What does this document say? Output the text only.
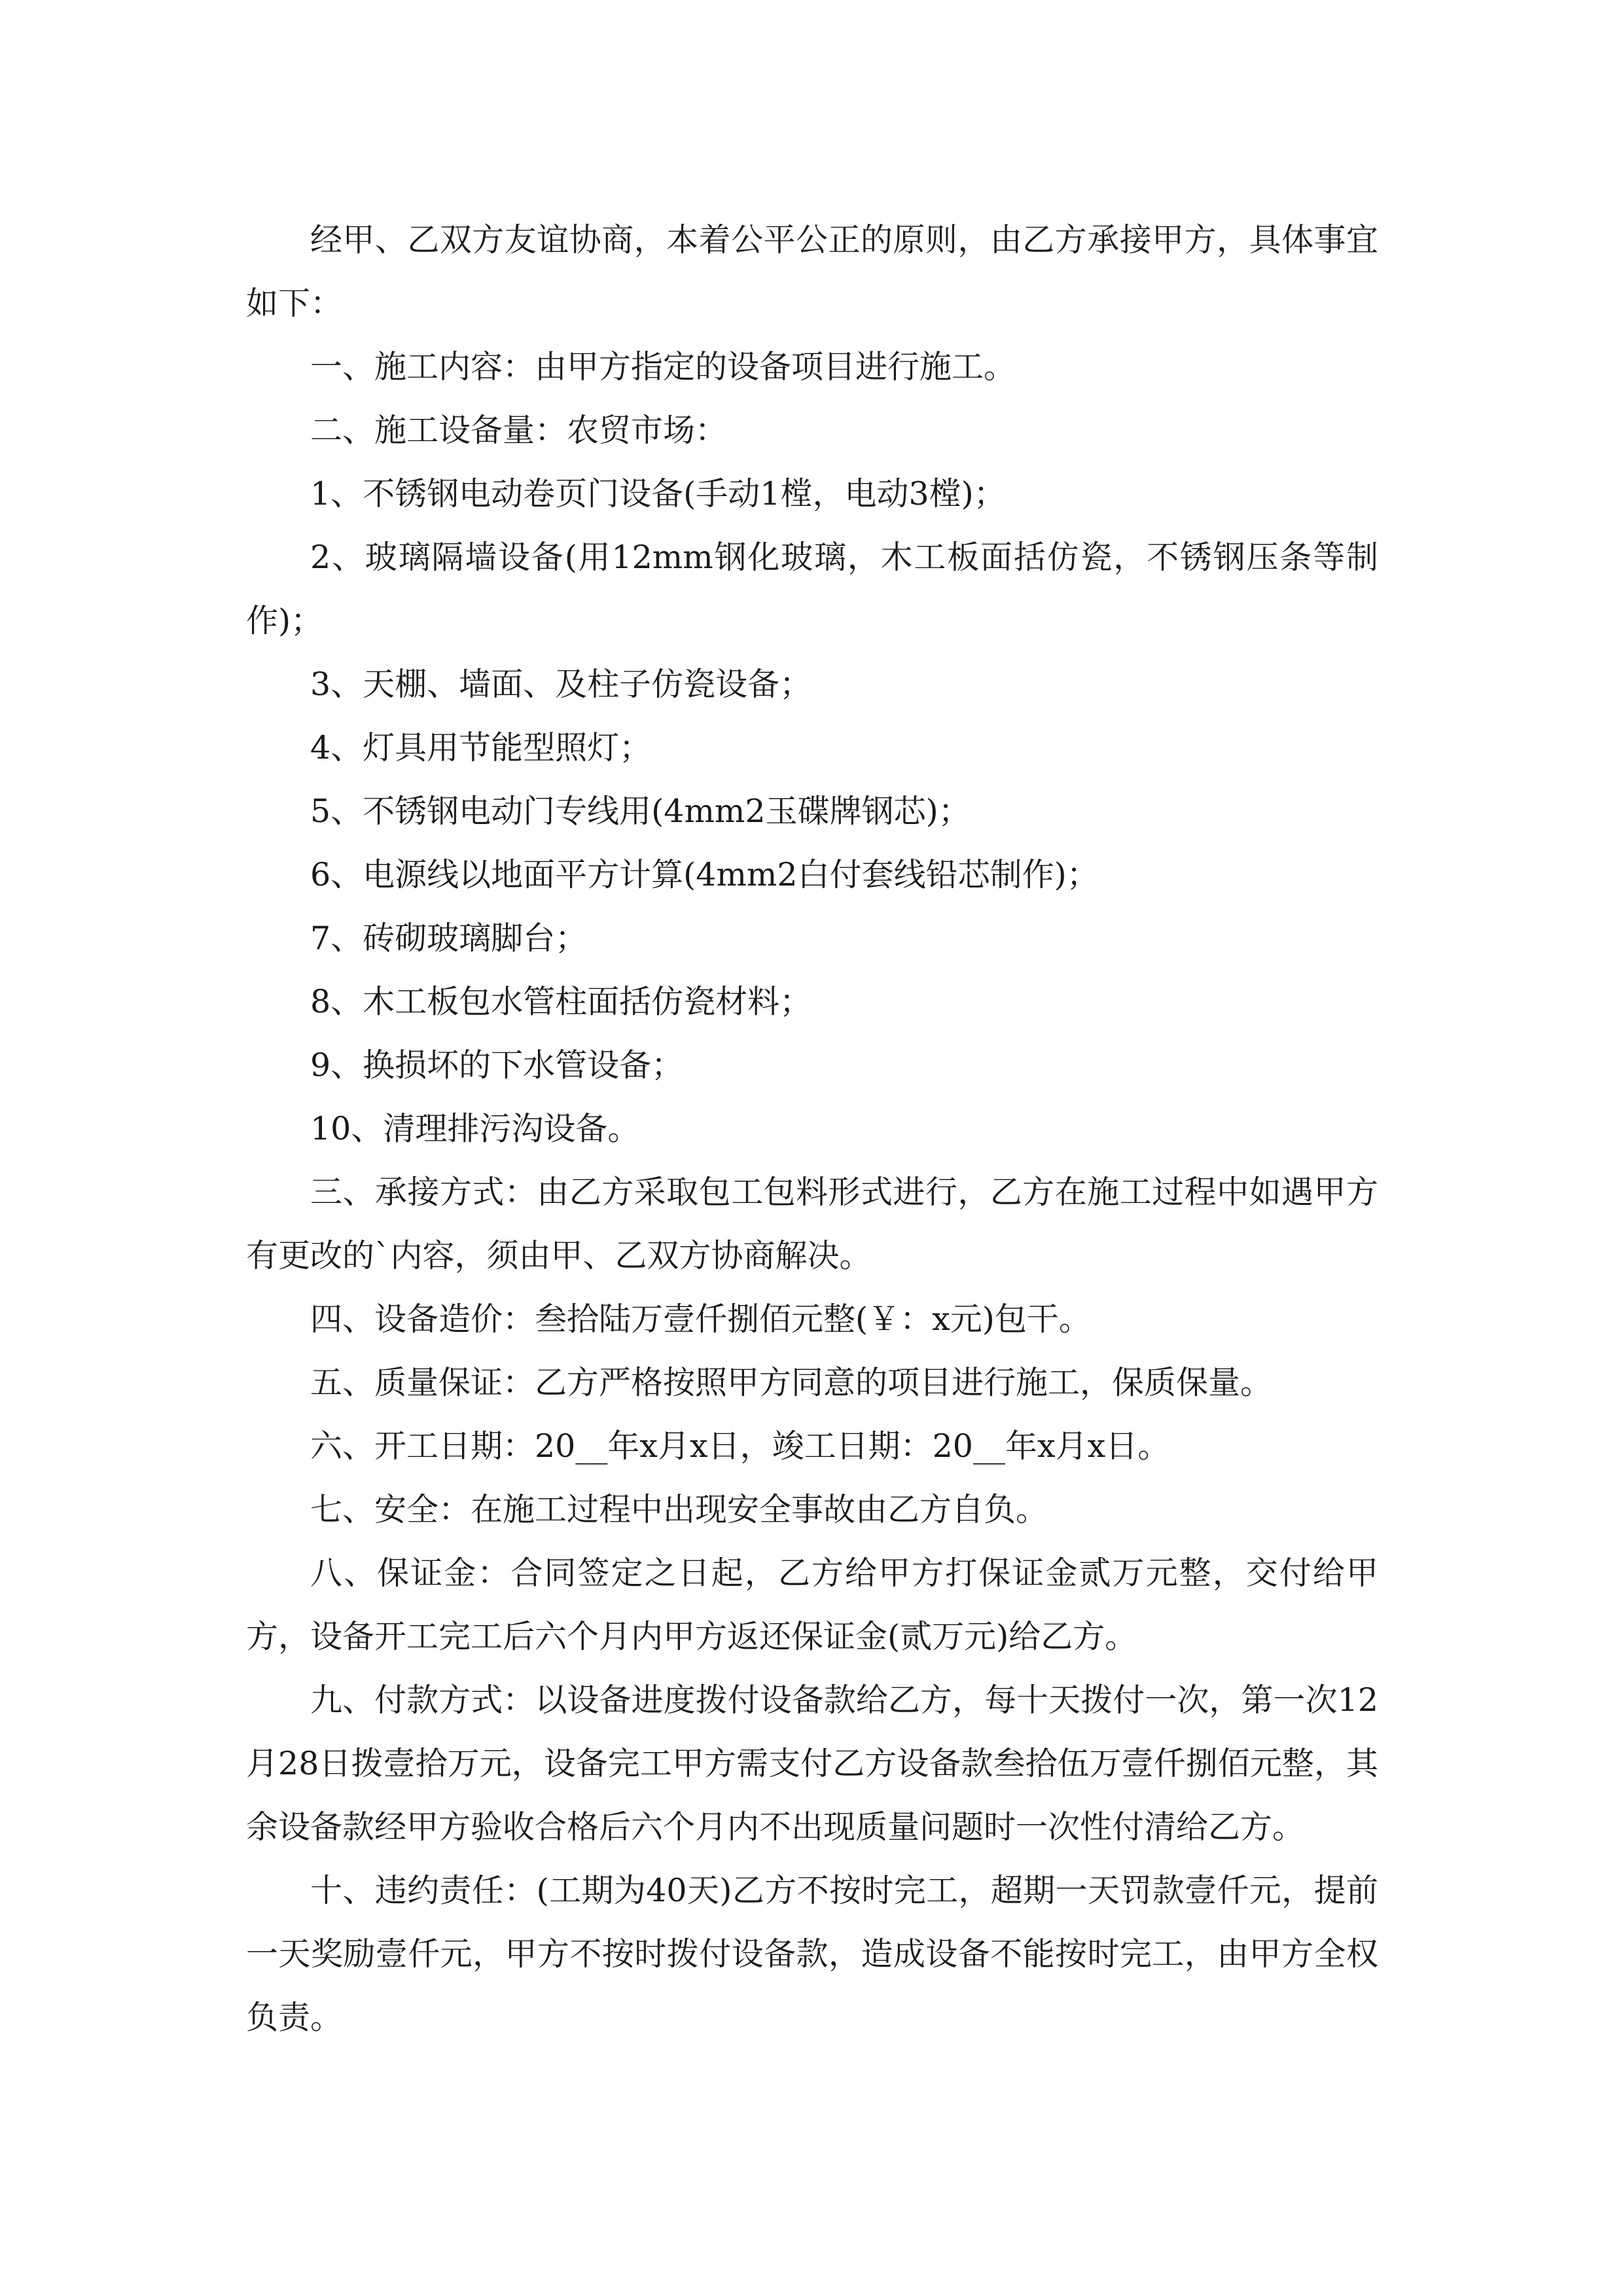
经甲、乙双方友谊协商，本着公平公正的原则，由乙方承接甲方，具体事宜如下：

一、施工内容：由甲方指定的设备项目进行施工。

二、施工设备量：农贸市场：

1、不锈钢电动卷页门设备(手动1樘，电动3樘)；

2、玻璃隔墙设备(用12mm钢化玻璃，木工板面括仿瓷，不锈钢压条等制作)；

3、天棚、墙面、及柱子仿瓷设备；

4、灯具用节能型照灯；

5、不锈钢电动门专线用(4mm2玉碟牌钢芯)；

6、电源线以地面平方计算(4mm2白付套线铅芯制作)；

7、砖砌玻璃脚台；

8、木工板包水管柱面括仿瓷材料；

9、换损坏的下水管设备；

10、清理排污沟设备。

三、承接方式：由乙方采取包工包料形式进行，乙方在施工过程中如遇甲方有更改的`内容，须由甲、乙双方协商解决。

四、设备造价：叁拾陆万壹仟捌佰元整(￥：x元)包干。

五、质量保证：乙方严格按照甲方同意的项目进行施工，保质保量。

六、开工日期：20__年x月x日，竣工日期：20__年x月x日。

七、安全：在施工过程中出现安全事故由乙方自负。

八、保证金：合同签定之日起，乙方给甲方打保证金贰万元整，交付给甲方，设备开工完工后六个月内甲方返还保证金(贰万元)给乙方。

九、付款方式：以设备进度拨付设备款给乙方，每十天拨付一次，第一次12月28日拨壹拾万元，设备完工甲方需支付乙方设备款叁拾伍万壹仟捌佰元整，其余设备款经甲方验收合格后六个月内不出现质量问题时一次性付清给乙方。

十、违约责任：(工期为40天)乙方不按时完工，超期一天罚款壹仟元，提前一天奖励壹仟元，甲方不按时拨付设备款，造成设备不能按时完工，由甲方全权负责。
